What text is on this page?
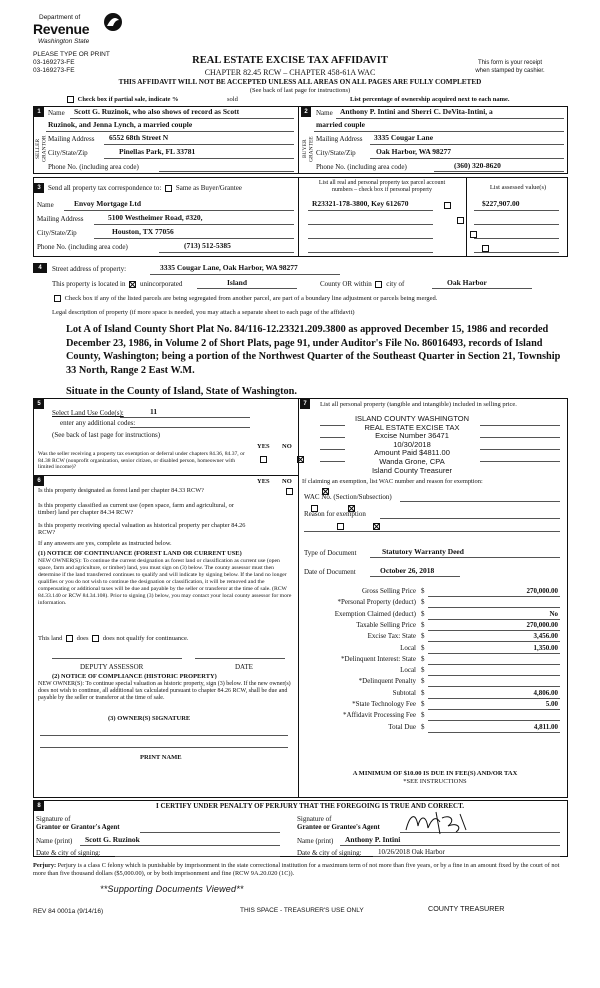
Department of
Revenue
Washington State
PLEASE TYPE OR PRINT
03-169273-FE
03-169273-FE
REAL ESTATE EXCISE TAX AFFIDAVIT
CHAPTER 82.45 RCW – CHAPTER 458-61A WAC
This form is your receipt
when stamped by cashier.
THIS AFFIDAVIT WILL NOT BE ACCEPTED UNLESS ALL AREAS ON ALL PAGES ARE FULLY COMPLETED
(See back of last page for instructions)
Check box if partial sale, indicate %	sold	List percentage of ownership acquired next to each name.
1
SELLER GRANTOR
Name Scott G. Ruzinok, who also shows of record as Scott
Ruzinok, and Jenna Lynch, a married couple
Mailing Address 6552 68th Street N
City/State/Zip	Pinellas Park, FL 33781
Phone No. (including area code)
2
BUYER GRANTEE
Name Anthony P. Intini and Sherri C. DeVita-Intini, a
married couple
Mailing Address 3335 Cougar Lane
City/State/Zip	Oak Harbor, WA 98277
Phone No. (including area code)	(360) 320-8620
3	Send all property tax correspondence to: Same as Buyer/Grantee
Name	Envoy Mortgage Ltd
Mailing Address	5100 Westheimer Road, #320,
City/State/Zip	Houston, TX 77056
Phone No. (including area code)	(713) 512-5385
List all real and personal property tax parcel account
numbers – check box if personal property	List assessed value(s)
R23321-178-3800, Key 612670
	$227,907.00

4	Street address of property:	3335 Cougar Lane, Oak Harbor, WA 98277
This property is located in unincorporated	Island	County OR within city of	Oak Harbor
Check box if any of the listed parcels are being segregated from another parcel, are part of a boundary line adjustment or parcels being merged.
Legal description of property (if more space is needed, you may attach a separate sheet to each page of the affidavit)
Lot A of Island County Short Plat No. 84/116-12.23321.209.3800 as approved December 15, 1986 and recorded December 23, 1986, in Volume 2 of Short Plats, page 91, under Auditor's File No. 86016493, records of Island County, Washington; being a portion of the Northwest Quarter of the Southeast Quarter in Section 21, Township 33 North, Range 2 East W.M.
Situate in the County of Island, State of Washington.
5
Select Land Use Code(s):	11
enter any additional codes:
(See back of last page for instructions)
YES NO
Was the seller receiving a property tax exemption or deferral under chapters 84.36, 84.37, or 84.38 RCW (nonprofit organization, senior citizen, or disabled person, homeowner with limited income)?

6	YES NO
Is this property designated as forest land per chapter 84.33 RCW?

Is this property classified as current use (open space, farm and agricultural, or timber) land per chapter 84.34 RCW?

Is this property receiving special valuation as historical property per chapter 84.26 RCW?

If any answers are yes, complete as instructed below.
(1) NOTICE OF CONTINUANCE (FOREST LAND OR CURRENT USE)
NEW OWNER(S): To continue the current designation as forest land or classification as current use (open space, farm and agriculture, or timber) land, you must sign on (3) below. The county assessor must then determine if the land transferred continues to qualify and will indicate by signing below. If the land no longer qualifies or you do not wish to continue the designation or classification, it will be removed and the compensating or additional taxes will be due and payable by the seller or transferor at the time of sale. (RCW 84.33.140 or RCW 84.34.108). Prior to signing (3) below, you may contact your local county assessor for more information.
This land does does not qualify for continuance.
DEPUTY ASSESSOR	DATE
(2) NOTICE OF COMPLIANCE (HISTORIC PROPERTY)
NEW OWNER(S): To continue special valuation as historic property, sign (3) below. If the new owner(s) does not wish to continue, all additional tax calculated pursuant to chapter 84.26 RCW, shall be due and payable by the seller or transferor at the time of sale.
(3) OWNER(S) SIGNATURE
PRINT NAME
7	List all personal property (tangible and intangible) included in selling price.
ISLAND COUNTY WASHINGTON
REAL ESTATE EXCISE TAX
Excise Number 36471
10/30/2018
Amount Paid $4811.00
Wanda Grone, CPA
Island County Treasurer
If claiming an exemption, list WAC number and reason for exemption:
WAC No. (Section/Subsection)
Reason for exemption
Type of Document	Statutory Warranty Deed
Date of Document	October 26, 2018
Gross Selling Price $	270,000.00
*Personal Property (deduct) $
Exemption Claimed (deduct) $	No
Taxable Selling Price $	270,000.00
Excise Tax: State $	3,456.00
Local $	1,350.00
*Delinquent Interest: State $
Local $
*Delinquent Penalty $
Subtotal $	4,806.00
*State Technology Fee $	5.00
*Affidavit Processing Fee $
Total Due $	4,811.00
A MINIMUM OF $10.00 IS DUE IN FEE(S) AND/OR TAX
*SEE INSTRUCTIONS
8	I CERTIFY UNDER PENALTY OF PERJURY THAT THE FOREGOING IS TRUE AND CORRECT.
Signature of
Grantor or Grantor's Agent
Signature of
Grantee or Grantee's Agent
Name (print) Scott G. Ruzinok	Name (print) Anthony P. Intini
Date & city of signing:	Date & city of signing: 10/26/2018 Oak Harbor
Perjury: Perjury is a class C felony which is punishable by imprisonment in the state correctional institution for a maximum term of not more than five years, or by a fine in an amount fixed by the court of not more than five thousand dollars ($5,000.00), or by both imprisonment and fine (RCW 9A.20.020 (1C)).
**Supporting Documents Viewed**
REV 84 0001a (9/14/16)	THIS SPACE - TREASURER'S USE ONLY	COUNTY TREASURER
